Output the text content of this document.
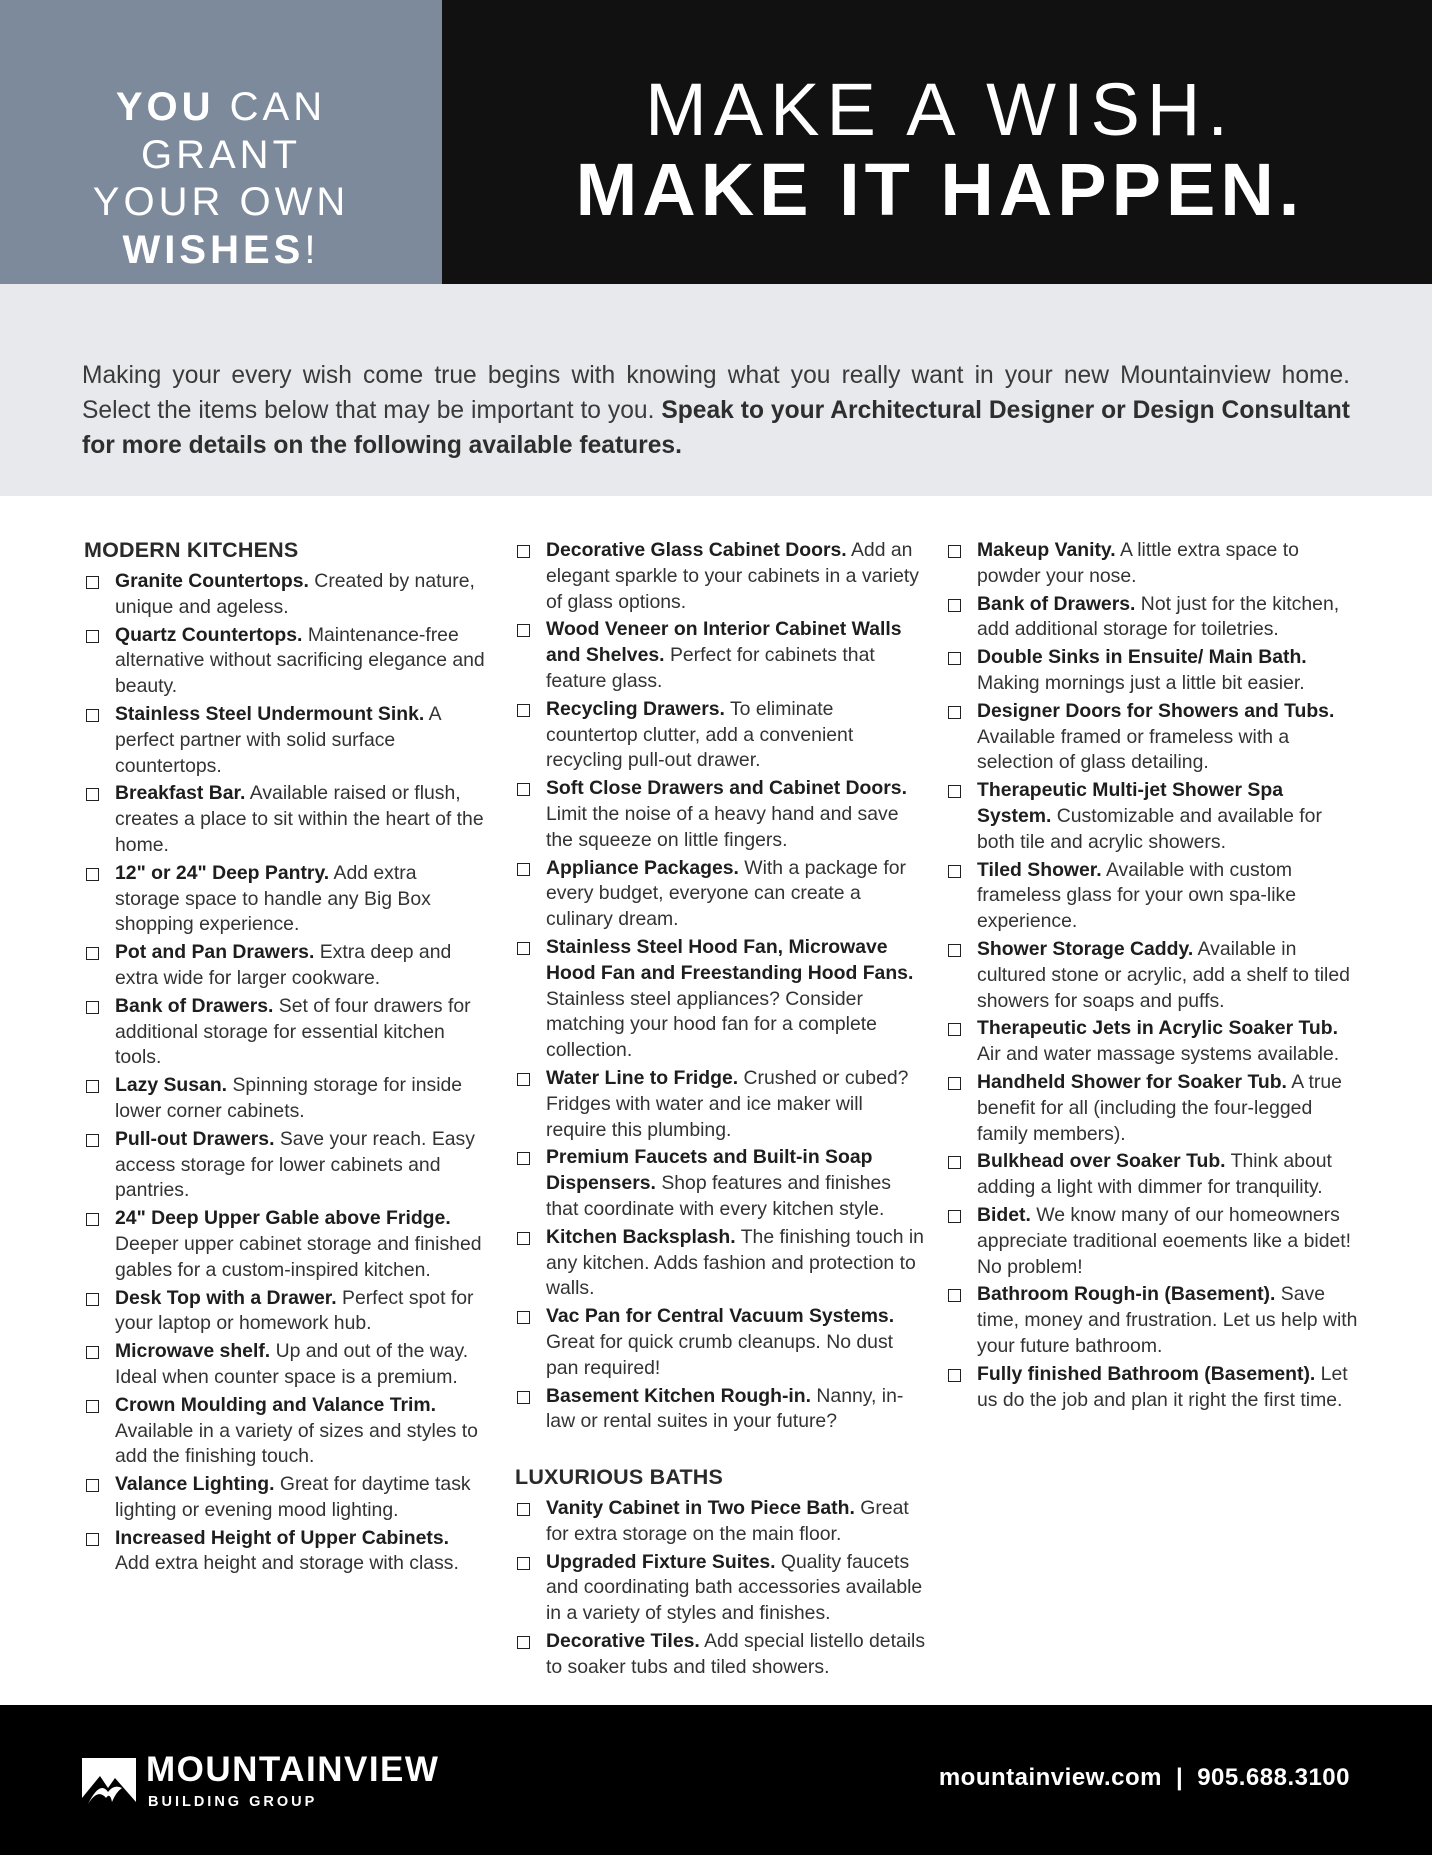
YOU CAN
GRANT
YOUR OWN
WISHES!
MAKE A WISH.
MAKE IT HAPPEN.
Making your every wish come true begins with knowing what you really want in your new Mountainview home. Select the items below that may be important to you. Speak to your Architectural Designer or Design Consultant for more details on the following available features.
MODERN KITCHENS
Granite Countertops. Created by nature, unique and ageless.
Quartz Countertops. Maintenance-free alternative without sacrificing elegance and beauty.
Stainless Steel Undermount Sink. A perfect partner with solid surface countertops.
Breakfast Bar. Available raised or flush, creates a place to sit within the heart of the home.
12" or 24" Deep Pantry. Add extra storage space to handle any Big Box shopping experience.
Pot and Pan Drawers. Extra deep and extra wide for larger cookware.
Bank of Drawers. Set of four drawers for additional storage for essential kitchen tools.
Lazy Susan. Spinning storage for inside lower corner cabinets.
Pull-out Drawers. Save your reach. Easy access storage for lower cabinets and pantries.
24" Deep Upper Gable above Fridge. Deeper upper cabinet storage and finished gables for a custom-inspired kitchen.
Desk Top with a Drawer. Perfect spot for your laptop or homework hub.
Microwave shelf. Up and out of the way. Ideal when counter space is a premium.
Crown Moulding and Valance Trim. Available in a variety of sizes and styles to add the finishing touch.
Valance Lighting. Great for daytime task lighting or evening mood lighting.
Increased Height of Upper Cabinets. Add extra height and storage with class.
Decorative Glass Cabinet Doors. Add an elegant sparkle to your cabinets in a variety of glass options.
Wood Veneer on Interior Cabinet Walls and Shelves. Perfect for cabinets that feature glass.
Recycling Drawers. To eliminate countertop clutter, add a convenient recycling pull-out drawer.
Soft Close Drawers and Cabinet Doors. Limit the noise of a heavy hand and save the squeeze on little fingers.
Appliance Packages. With a package for every budget, everyone can create a culinary dream.
Stainless Steel Hood Fan, Microwave Hood Fan and Freestanding Hood Fans. Stainless steel appliances? Consider matching your hood fan for a complete collection.
Water Line to Fridge. Crushed or cubed? Fridges with water and ice maker will require this plumbing.
Premium Faucets and Built-in Soap Dispensers. Shop features and finishes that coordinate with every kitchen style.
Kitchen Backsplash. The finishing touch in any kitchen. Adds fashion and protection to walls.
Vac Pan for Central Vacuum Systems. Great for quick crumb cleanups. No dust pan required!
Basement Kitchen Rough-in. Nanny, in-law or rental suites in your future?
LUXURIOUS BATHS
Vanity Cabinet in Two Piece Bath. Great for extra storage on the main floor.
Upgraded Fixture Suites. Quality faucets and coordinating bath accessories available in a variety of styles and finishes.
Decorative Tiles. Add special listello details to soaker tubs and tiled showers.
Makeup Vanity. A little extra space to powder your nose.
Bank of Drawers. Not just for the kitchen, add additional storage for toiletries.
Double Sinks in Ensuite/ Main Bath. Making mornings just a little bit easier.
Designer Doors for Showers and Tubs. Available framed or frameless with a selection of glass detailing.
Therapeutic Multi-jet Shower Spa System. Customizable and available for both tile and acrylic showers.
Tiled Shower. Available with custom frameless glass for your own spa-like experience.
Shower Storage Caddy. Available in cultured stone or acrylic, add a shelf to tiled showers for soaps and puffs.
Therapeutic Jets in Acrylic Soaker Tub. Air and water massage systems available.
Handheld Shower for Soaker Tub. A true benefit for all (including the four-legged family members).
Bulkhead over Soaker Tub. Think about adding a light with dimmer for tranquility.
Bidet. We know many of our homeowners appreciate traditional eoements like a bidet! No problem!
Bathroom Rough-in (Basement). Save time, money and frustration. Let us help with your future bathroom.
Fully finished Bathroom (Basement). Let us do the job and plan it right the first time.
MOUNTAINVIEW
BUILDING GROUP
mountainview.com | 905.688.3100
